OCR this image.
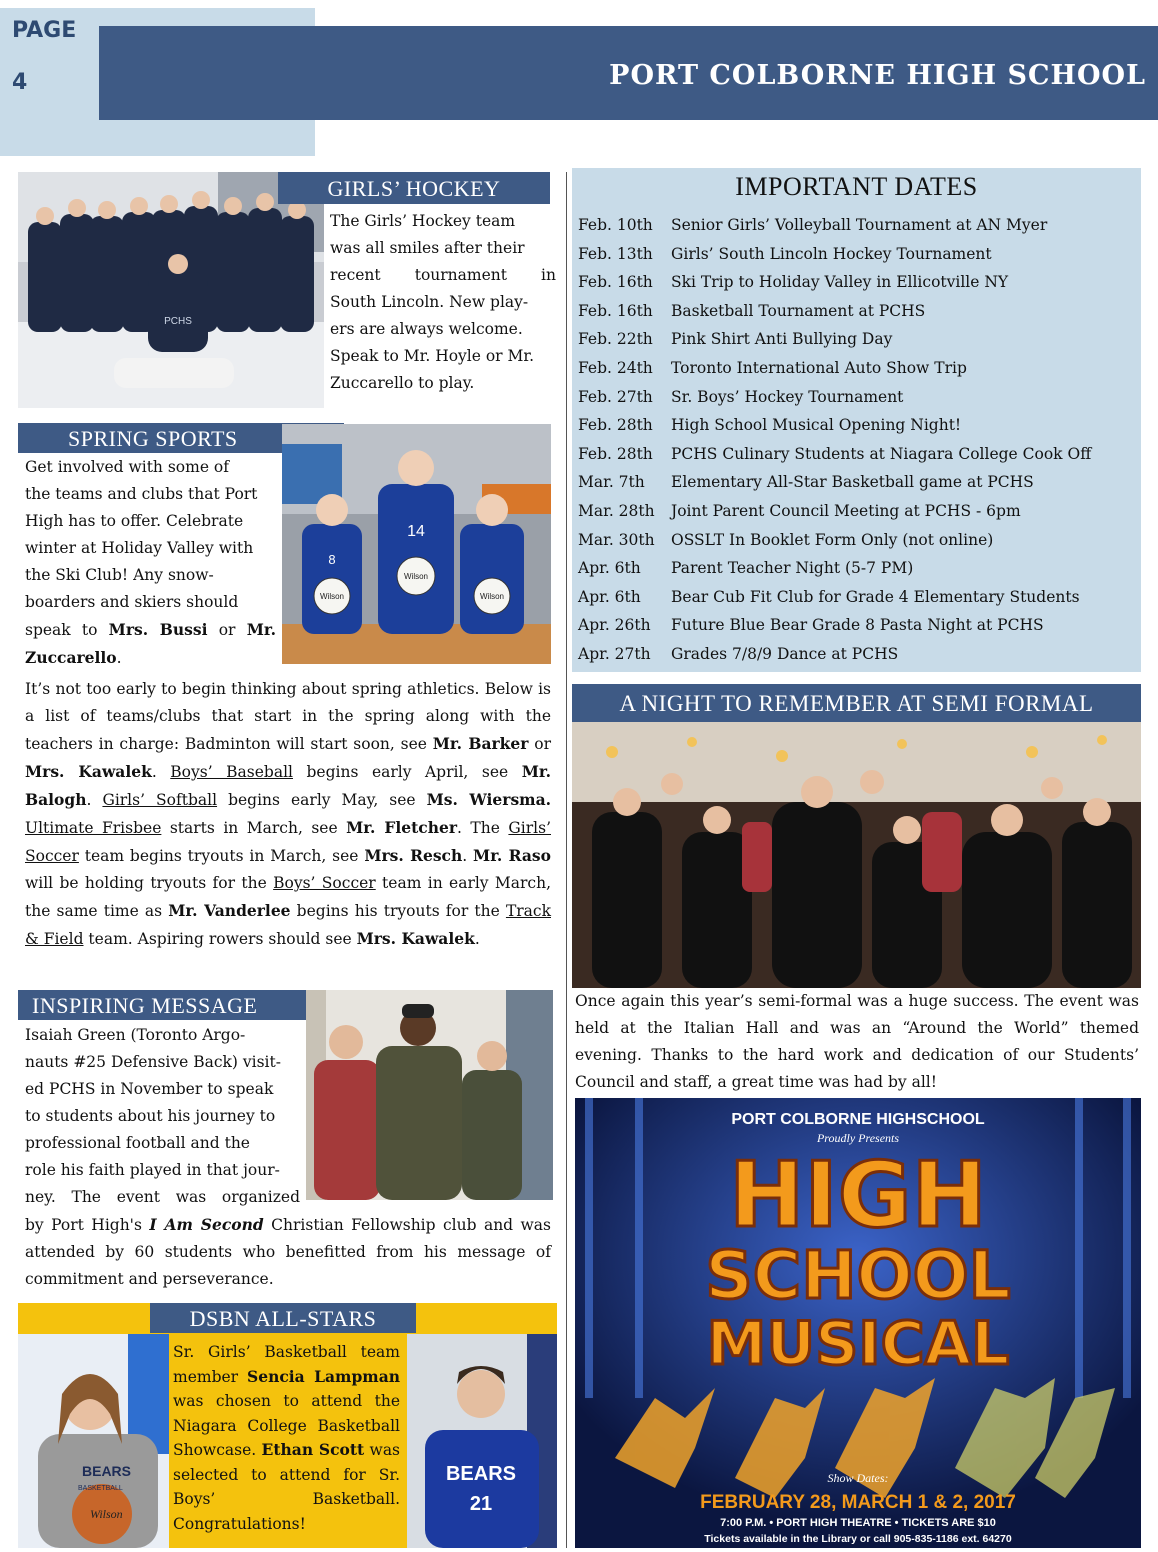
PAGE
4	PORT COLBORNE HIGH SCHOOL
PCHS
GIRLS’ HOCKEY
The Girls’ Hockey team
was all smiles after their
recent tournament in
South Lincoln. New play-
ers are always welcome.
Speak to Mr. Hoyle or Mr.
Zuccarello to play.
SPRING SPORTS
Wilson
Wilson
Wilson
14
8
Get involved with some of
the teams and clubs that Port
High has to offer. Celebrate
winter at Holiday Valley with
the Ski Club! Any snow-
boarders and skiers should
speak to Mrs. Bussi or Mr.
Zuccarello.
It’s not too early to begin thinking about spring athletics. Below is a list of teams/clubs that start in the spring along with the teachers in charge: Badminton will start soon, see Mr. Barker or Mrs. Kawalek. Boys’ Baseball begins early April, see Mr. Balogh. Girls’ Softball begins early May, see Ms. Wiersma. Ultimate Frisbee starts in March, see Mr. Fletcher. The Girls’ Soccer team begins tryouts in March, see Mrs. Resch. Mr. Raso will be holding tryouts for the Boys’ Soccer team in early March, the same time as Mr. Vanderlee begins his tryouts for the Track & Field team. Aspiring rowers should see Mrs. Kawalek.
INSPIRING MESSAGE
Isaiah Green (Toronto Argo-
nauts #25 Defensive Back) visit-
ed PCHS in November to speak
to students about his journey to
professional football and the
role his faith played in that jour-
ney. The event was organized
by Port High's I Am Second Christian Fellowship club and was attended by 60 students who benefitted from his message of commitment and perseverance.
DSBN ALL-STARS
BEARS
BASKETBALL
Wilson
BEARS
21
Sr. Girls’ Basketball team member Sencia Lampman was chosen to attend the Niagara College Basketball Showcase. Ethan Scott was selected to attend for Sr. Boys’ Basketball. Congratulations!
IMPORTANT DATES
Feb. 10th Senior Girls’ Volleyball Tournament at AN Myer
Feb. 13th Girls’ South Lincoln Hockey Tournament
Feb. 16th Ski Trip to Holiday Valley in Ellicotville NY
Feb. 16th Basketball Tournament at PCHS
Feb. 22th Pink Shirt Anti Bullying Day
Feb. 24th Toronto International Auto Show Trip
Feb. 27th Sr. Boys’ Hockey Tournament
Feb. 28th High School Musical Opening Night!
Feb. 28th PCHS Culinary Students at Niagara College Cook Off
Mar. 7th Elementary All-Star Basketball game at PCHS
Mar. 28th Joint Parent Council Meeting at PCHS - 6pm
Mar. 30th OSSLT In Booklet Form Only (not online)
Apr. 6th Parent Teacher Night (5-7 PM)
Apr. 6th Bear Cub Fit Club for Grade 4 Elementary Students
Apr. 26th Future Blue Bear Grade 8 Pasta Night at PCHS
Apr. 27th Grades 7/8/9 Dance at PCHS
A NIGHT TO REMEMBER AT SEMI FORMAL
Once again this year’s semi-formal was a huge success. The event was held at the Italian Hall and was an “Around the World” themed evening. Thanks to the hard work and dedication of our Students’ Council and staff, a great time was had by all!
PORT COLBORNE HIGHSCHOOL
Proudly Presents
HIGH
SCHOOL
MUSICAL
Show Dates:
FEBRUARY 28, MARCH 1 & 2, 2017
7:00 P.M. • PORT HIGH THEATRE • TICKETS ARE $10
Tickets available in the Library or call 905-835-1186 ext. 64270
